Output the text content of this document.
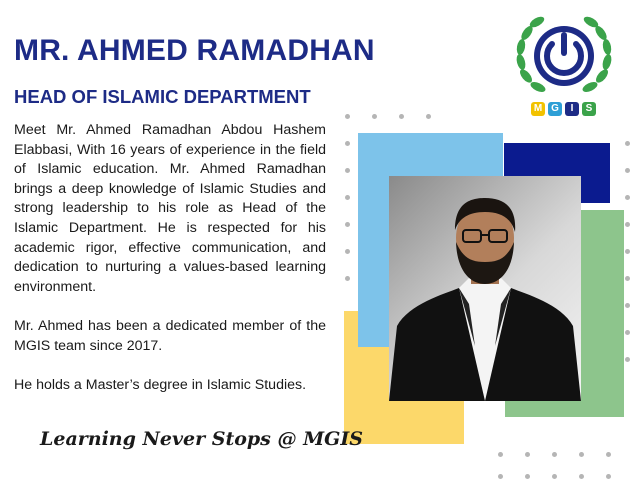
MR. AHMED RAMADHAN
HEAD OF ISLAMIC DEPARTMENT

Meet Mr. Ahmed Ramadhan Abdou Hashem Elabbasi, With 16 years of experience in the field of Islamic education. Mr. Ahmed Ramadhan brings a deep knowledge of Islamic Studies and strong leadership to his role as Head of the Islamic Department. He is respected for his academic rigor, effective communication, and dedication to nurturing a values-based learning environment.

Mr. Ahmed has been a dedicated member of the MGIS team since 2017.

He holds a Master’s degree in Islamic Studies.

Learning Never Stops @ MGIS
M G	I	S
